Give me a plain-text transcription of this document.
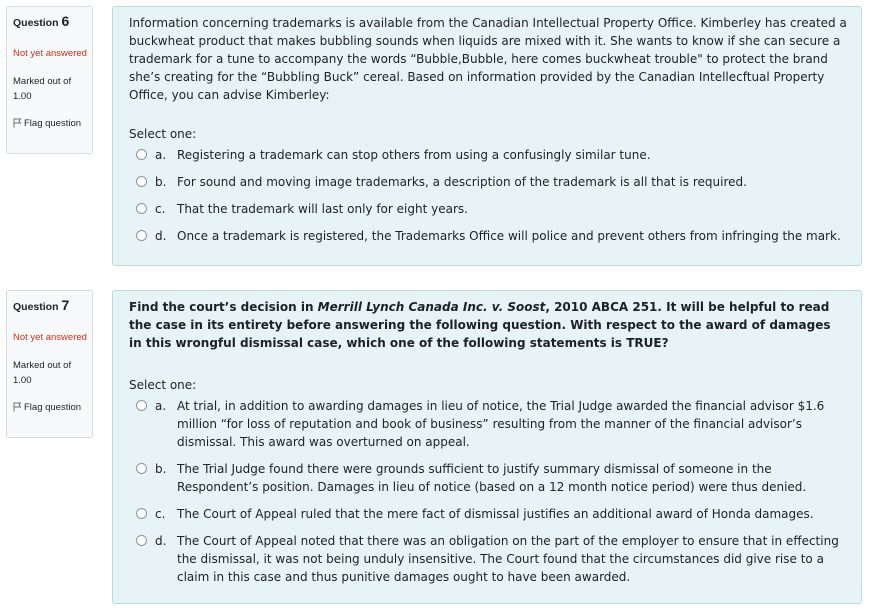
Question 6
Not yet answered
Marked out of 1.00
Flag question
Information concerning trademarks is available from the Canadian Intellectual Property Office. Kimberley has created a buckwheat product that makes bubbling sounds when liquids are mixed with it. She wants to know if she can secure a trademark for a tune to accompany the words “Bubble,Bubble, here comes buckwheat trouble" to protect the brand she’s creating for the “Bubbling Buck” cereal. Based on information provided by the Canadian Intellecftual Property Office, you can advise Kimberley:
Select one:
a. Registering a trademark can stop others from using a confusingly similar tune.
b. For sound and moving image trademarks, a description of the trademark is all that is required.
c. That the trademark will last only for eight years.
d. Once a trademark is registered, the Trademarks Office will police and prevent others from infringing the mark.
Question 7
Not yet answered
Marked out of 1.00
Flag question
Find the court’s decision in Merrill Lynch Canada Inc. v. Soost, 2010 ABCA 251. It will be helpful to read the case in its entirety before answering the following question. With respect to the award of damages in this wrongful dismissal case, which one of the following statements is TRUE?
Select one:
a. At trial, in addition to awarding damages in lieu of notice, the Trial Judge awarded the financial advisor $1.6 million “for loss of reputation and book of business” resulting from the manner of the financial advisor’s dismissal. This award was overturned on appeal.
b. The Trial Judge found there were grounds sufficient to justify summary dismissal of someone in the Respondent’s position. Damages in lieu of notice (based on a 12 month notice period) were thus denied.
c. The Court of Appeal ruled that the mere fact of dismissal justifies an additional award of Honda damages.
d. The Court of Appeal noted that there was an obligation on the part of the employer to ensure that in effecting the dismissal, it was not being unduly insensitive. The Court found that the circumstances did give rise to a claim in this case and thus punitive damages ought to have been awarded.
